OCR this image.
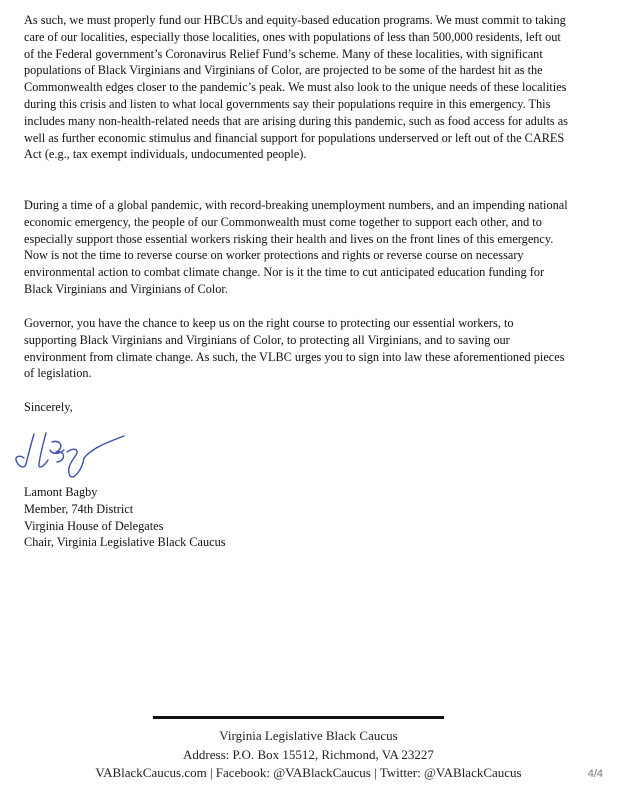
As such, we must properly fund our HBCUs and equity-based education programs. We must commit to taking care of our localities, especially those localities, ones with populations of less than 500,000 residents, left out of the Federal government’s Coronavirus Relief Fund’s scheme. Many of these localities, with significant populations of Black Virginians and Virginians of Color, are projected to be some of the hardest hit as the Commonwealth edges closer to the pandemic’s peak. We must also look to the unique needs of these localities during this crisis and listen to what local governments say their populations require in this emergency. This includes many non-health-related needs that are arising during this pandemic, such as food access for adults as well as further economic stimulus and financial support for populations underserved or left out of the CARES Act (e.g., tax exempt individuals, undocumented people).

During a time of a global pandemic, with record-breaking unemployment numbers, and an impending national economic emergency, the people of our Commonwealth must come together to support each other, and to especially support those essential workers risking their health and lives on the front lines of this emergency. Now is not the time to reverse course on worker protections and rights or reverse course on necessary environmental action to combat climate change. Nor is it the time to cut anticipated education funding for Black Virginians and Virginians of Color.

Governor, you have the chance to keep us on the right course to protecting our essential workers, to supporting Black Virginians and Virginians of Color, to protecting all Virginians, and to saving our environment from climate change. As such, the VLBC urges you to sign into law these aforementioned pieces of legislation.

Sincerely,

Lamont Bagby
Member, 74th District
Virginia House of Delegates
Chair, Virginia Legislative Black Caucus
Virginia Legislative Black Caucus
Address: P.O. Box 15512, Richmond, VA 23227
VABlackCaucus.com | Facebook: @VABlackCaucus | Twitter: @VABlackCaucus	4/4
